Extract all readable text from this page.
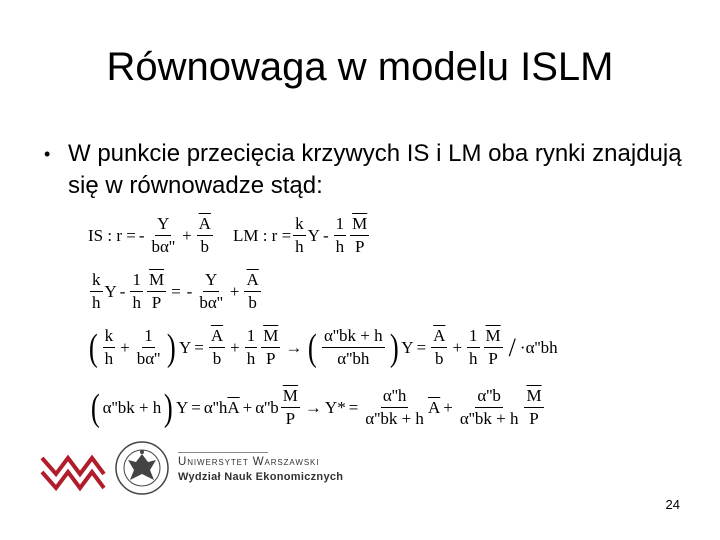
Równowaga w modelu ISLM
• W punkcie przecięcia krzywych IS i LM oba rynki znajdują się w równowadze stąd:
IS : r = - $\frac{Y}{b\alpha''} + \frac{\overline{A}}{b}$ LM : $r = \frac{k}{h}$ Y - $\frac{1}{h} \frac{\overline{M}}{P}$
$\frac{k}{h}$ Y - $\frac{1}{h} \frac{\overline{M}}{P}$ = - $\frac{Y}{b\alpha''} + \frac{\overline{A}}{b}$
( $\frac{k}{h} + \frac{1}{b\alpha''}$ ) $Y = \frac{\overline{A}}{b} + \frac{1}{h} \frac{\overline{M}}{P}$ → ( $\frac{\alpha''bk + h}{\alpha''bh}$ ) $Y = \frac{\overline{A}}{b} + \frac{1}{h} \frac{\overline{M}}{P}$ / · α'' bh
( α'' bk + h ) Y = α'' h $\overline{A} + \alpha''$ b $\frac{\overline{M}}{P} \to Y* = \frac{\alpha''h}{\alpha''bk + h} \overline{A} + \frac{\alpha''b}{\alpha''bk + h} \frac{\overline{M}}{P}$
Uniwersytet Warszawski
Wydział Nauk Ekonomicznych
24
